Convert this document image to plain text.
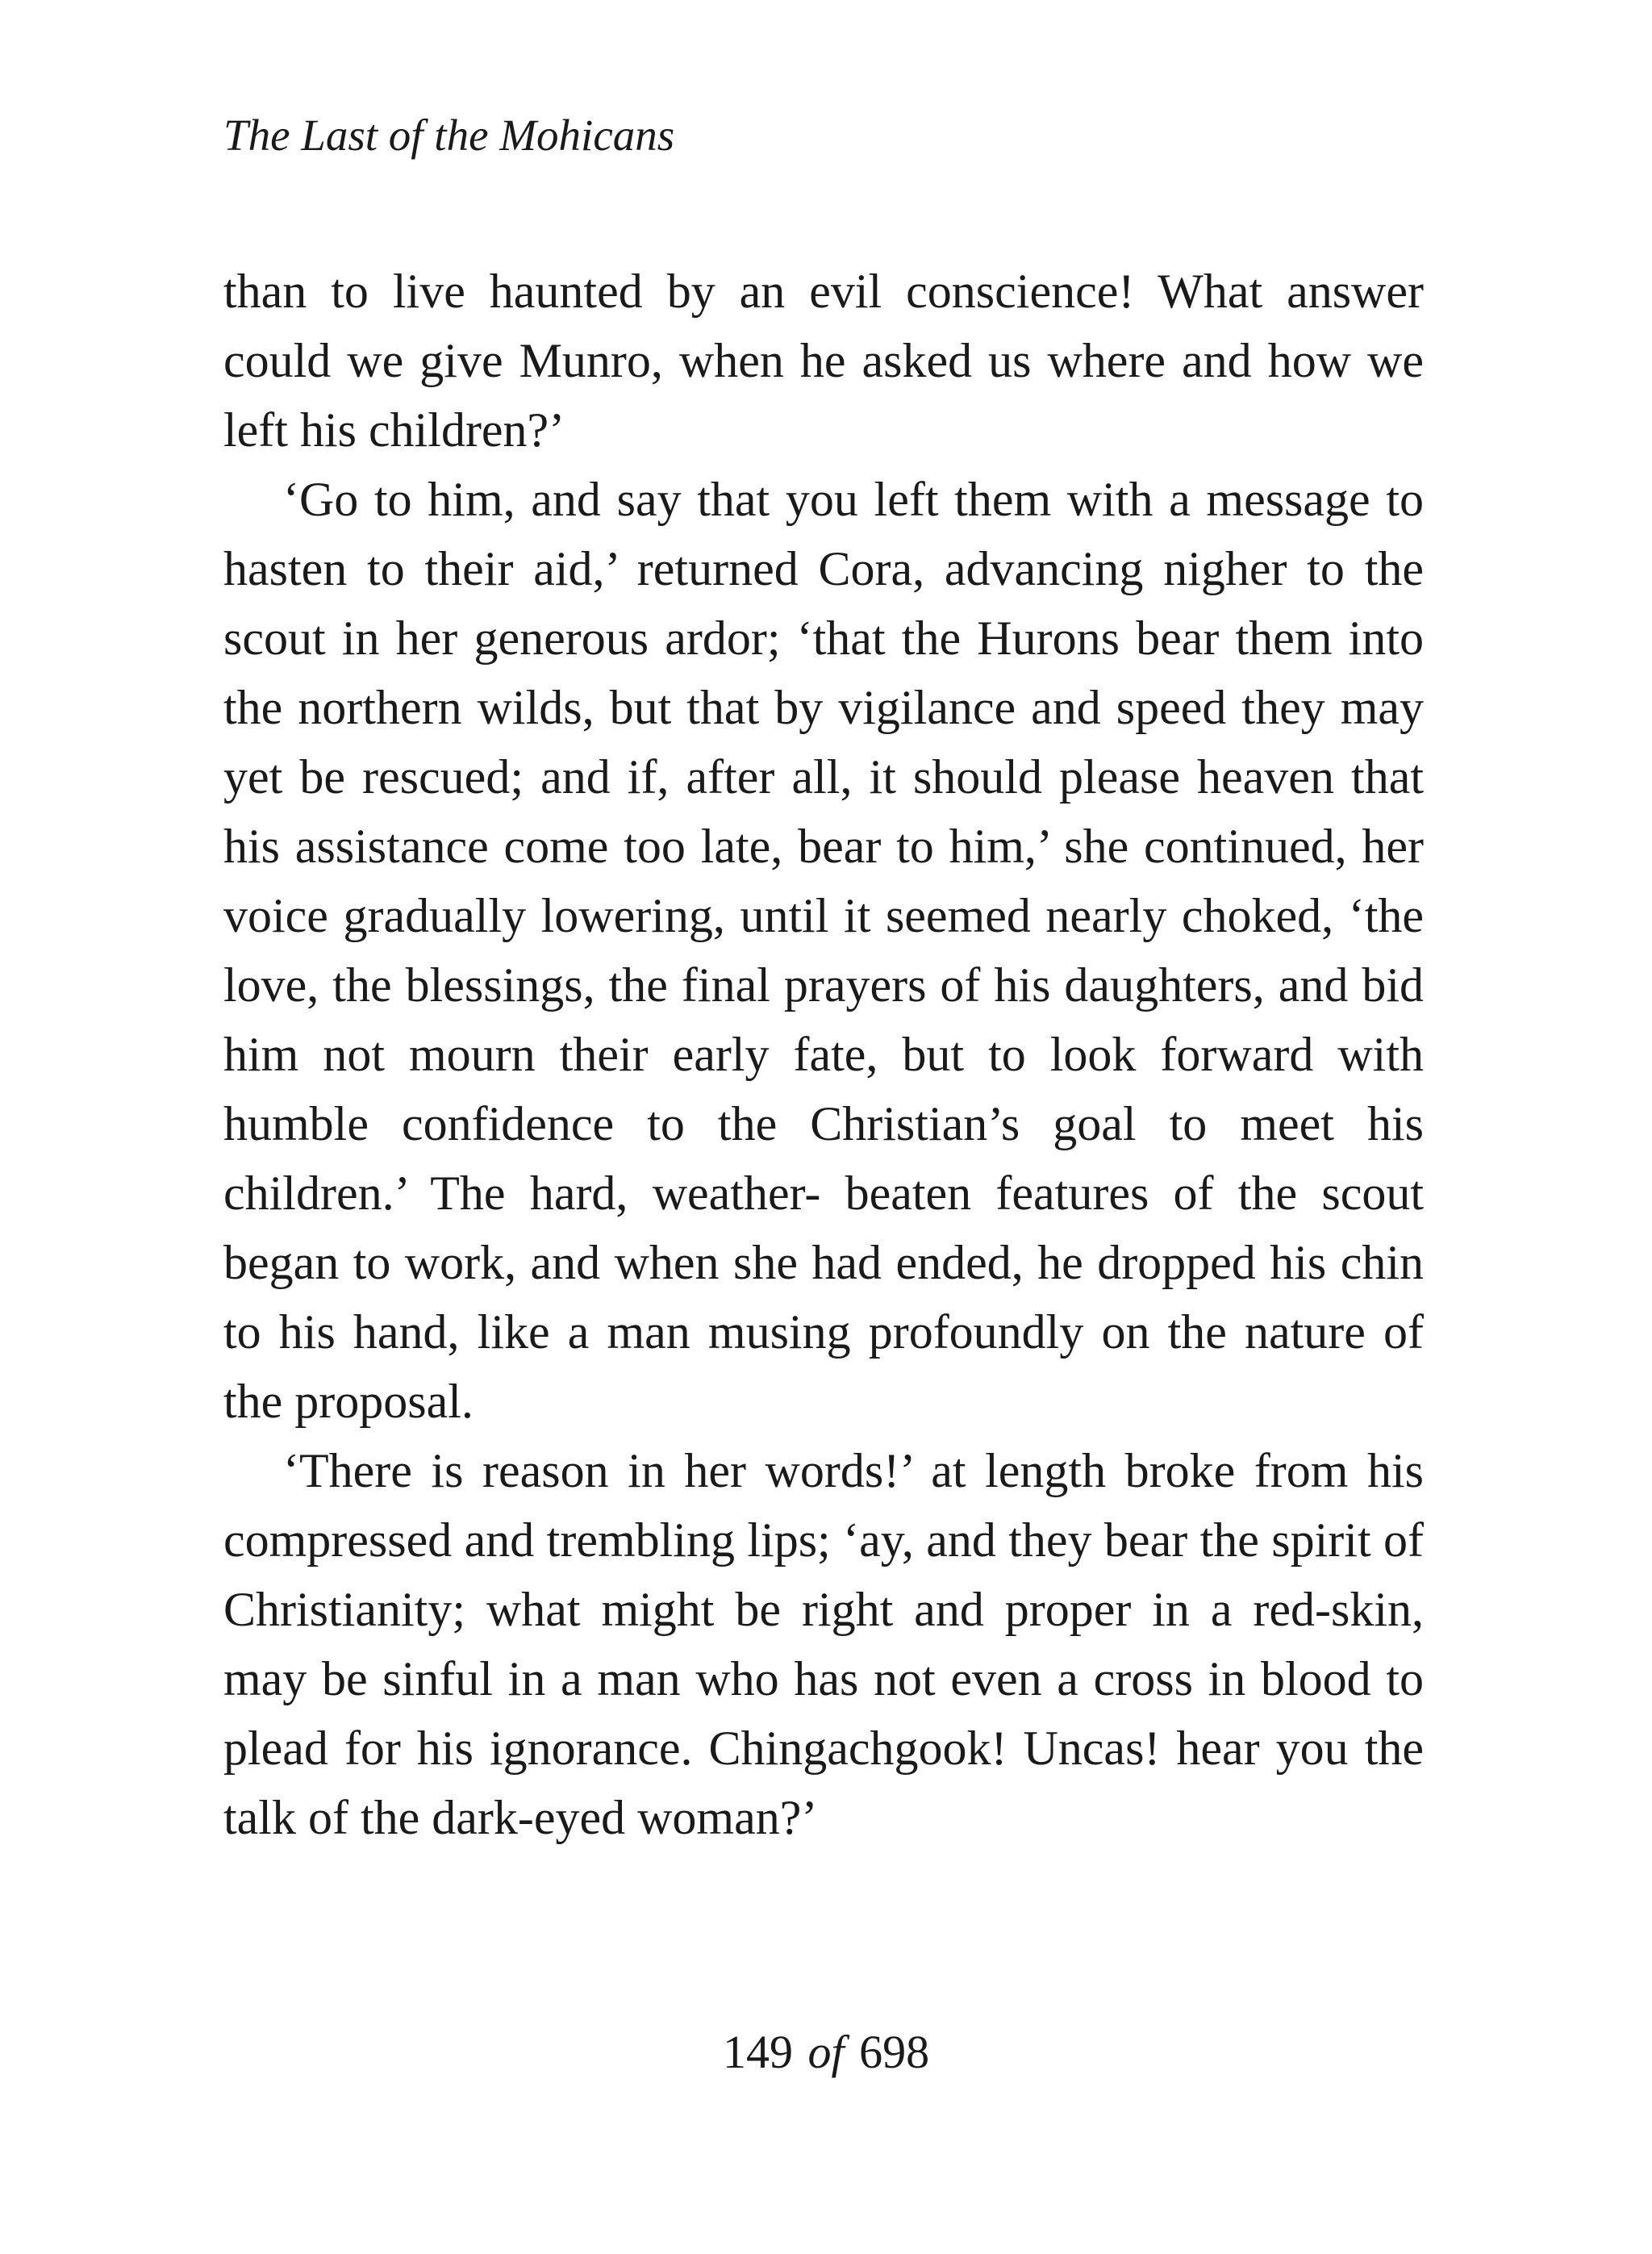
The Last of the Mohicans

than to live haunted by an evil conscience! What answer could we give Munro, when he asked us where and how we left his children?’

‘Go to him, and say that you left them with a message to hasten to their aid,’ returned Cora, advancing nigher to the scout in her generous ardor; ‘that the Hurons bear them into the northern wilds, but that by vigilance and speed they may yet be rescued; and if, after all, it should please heaven that his assistance come too late, bear to him,’ she continued, her voice gradually lowering, until it seemed nearly choked, ‘the love, the blessings, the final prayers of his daughters, and bid him not mourn their early fate, but to look forward with humble confidence to the Christian’s goal to meet his children.’ The hard, weather- beaten features of the scout began to work, and when she had ended, he dropped his chin to his hand, like a man musing profoundly on the nature of the proposal.

‘There is reason in her words!’ at length broke from his compressed and trembling lips; ‘ay, and they bear the spirit of Christianity; what might be right and proper in a red-skin, may be sinful in a man who has not even a cross in blood to plead for his ignorance. Chingachgook! Uncas! hear you the talk of the dark-eyed woman?’

149 of 698
